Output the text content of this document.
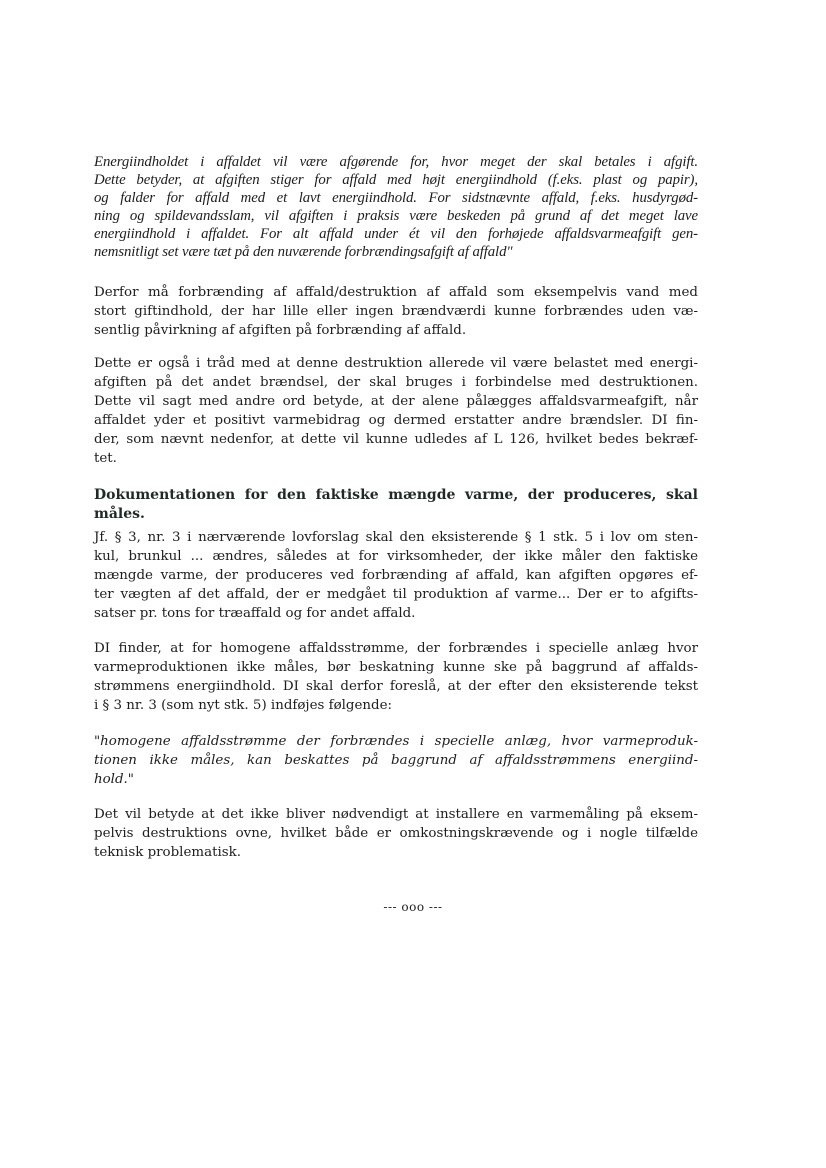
Energiindholdet i affaldet vil være afgørende for, hvor meget der skal betales i afgift.
Dette betyder, at afgiften stiger for affald med højt energiindhold (f.eks. plast og papir),
og falder for affald med et lavt energiindhold. For sidstnævnte affald, f.eks. husdyrgød-
ning og spildevandsslam, vil afgiften i praksis være beskeden på grund af det meget lave
energiindhold i affaldet. For alt affald under ét vil den forhøjede affaldsvarmeafgift gen-
nemsnitligt set være tæt på den nuværende forbrændingsafgift af affald"

Derfor må forbrænding af affald/destruktion af affald som eksempelvis vand med
stort giftindhold, der har lille eller ingen brændværdi kunne forbrændes uden væ-
sentlig påvirkning af afgiften på forbrænding af affald.

Dette er også i tråd med at denne destruktion allerede vil være belastet med energi-
afgiften på det andet brændsel, der skal bruges i forbindelse med destruktionen.
Dette vil sagt med andre ord betyde, at der alene pålægges affaldsvarmeafgift, når
affaldet yder et positivt varmebidrag og dermed erstatter andre brændsler. DI fin-
der, som nævnt nedenfor, at dette vil kunne udledes af L 126, hvilket bedes bekræf-
tet.

Dokumentationen for den faktiske mængde varme, der produceres, skal
måles.

Jf. § 3, nr. 3 i nærværende lovforslag skal den eksisterende § 1 stk. 5 i lov om sten-
kul, brunkul ... ændres, således at for virksomheder, der ikke måler den faktiske
mængde varme, der produceres ved forbrænding af affald, kan afgiften opgøres ef-
ter vægten af det affald, der er medgået til produktion af varme... Der er to afgifts-
satser pr. tons for træaffald og for andet affald.

DI finder, at for homogene affaldsstrømme, der forbrændes i specielle anlæg hvor
varmeproduktionen ikke måles, bør beskatning kunne ske på baggrund af affalds-
strømmens energiindhold. DI skal derfor foreslå, at der efter den eksisterende tekst
i § 3 nr. 3 (som nyt stk. 5) indføjes følgende:

"homogene affaldsstrømme der forbrændes i specielle anlæg, hvor varmeproduk-
tionen ikke måles, kan beskattes på baggrund af affaldsstrømmens energiind-
hold."

Det vil betyde at det ikke bliver nødvendigt at installere en varmemåling på eksem-
pelvis destruktions ovne, hvilket både er omkostningskrævende og i nogle tilfælde
teknisk problematisk.

--- ooo ---
